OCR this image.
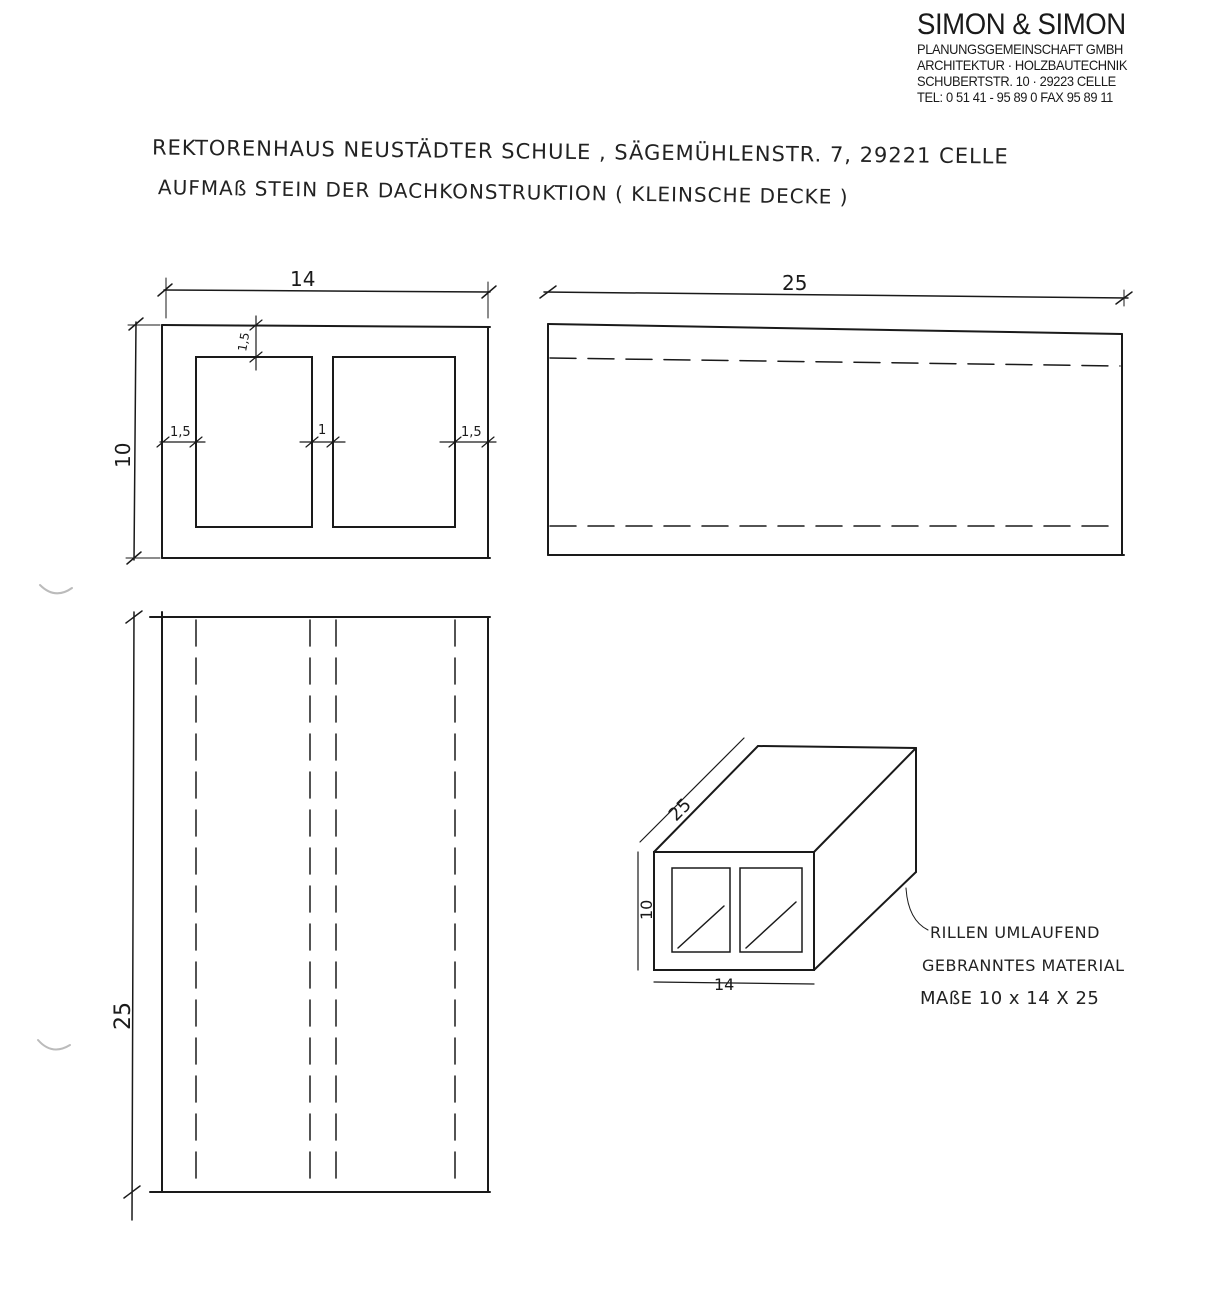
SIMON & SIMON
PLANUNGSGEMEINSCHAFT GMBH
ARCHITEKTUR · HOLZBAUTECHNIK
SCHUBERTSTR. 10 · 29223 CELLE
TEL: 0 51 41 - 95 89 0 FAX 95 89 11
REKTORENHAUS NEUSTÄDTER SCHULE , SÄGEMÜHLENSTR. 7, 29221 CELLE
AUFMAß STEIN DER DACHKONSTRUKTION ( KLEINSCHE DECKE )
14
10
1,5
1,5	1	1,5
25
25
25
10
14
RILLEN UMLAUFEND
GEBRANNTES MATERIAL
MAßE 10 x 14 X 25
